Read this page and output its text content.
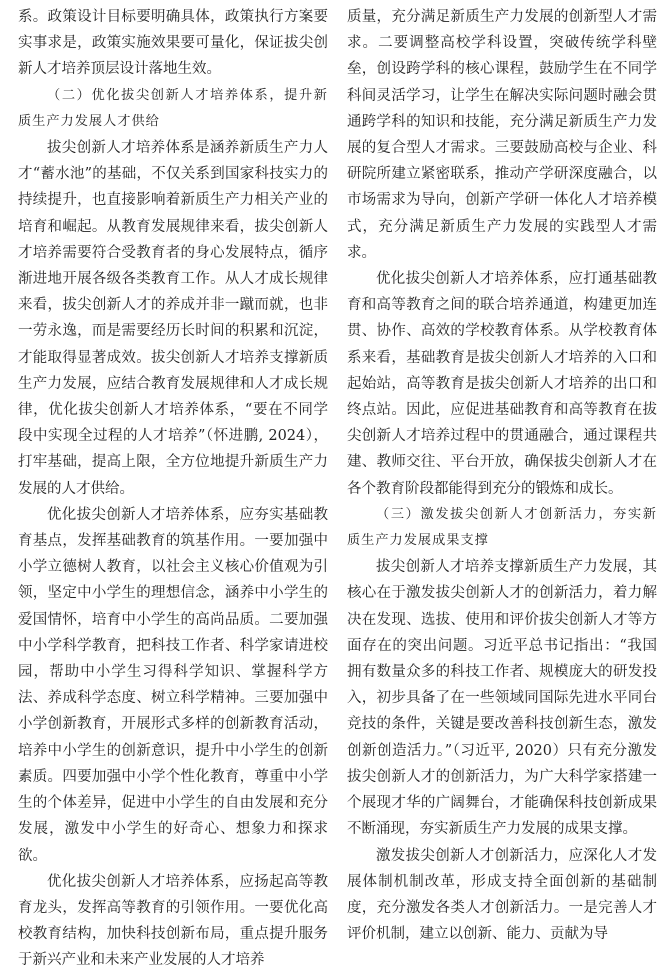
系。政策设计目标要明确具体，政策执行方案要实事求是，政策实施效果要可量化，保证拔尖创新人才培养顶层设计落地生效。

（二）优化拔尖创新人才培养体系，提升新质生产力发展人才供给

拔尖创新人才培养体系是涵养新质生产力人才“蓄水池”的基础，不仅关系到国家科技实力的持续提升，也直接影响着新质生产力相关产业的培育和崛起。从教育发展规律来看，拔尖创新人才培养需要符合受教育者的身心发展特点，循序渐进地开展各级各类教育工作。从人才成长规律来看，拔尖创新人才的养成并非一蹴而就，也非一劳永逸，而是需要经历长时间的积累和沉淀，才能取得显著成效。拔尖创新人才培养支撑新质生产力发展，应结合教育发展规律和人才成长规律，优化拔尖创新人才培养体系，“要在不同学段中实现全过程的人才培养”（怀进鹏, 2024），打牢基础，提高上限，全方位地提升新质生产力发展的人才供给。

优化拔尖创新人才培养体系，应夯实基础教育基点，发挥基础教育的筑基作用。一要加强中小学立德树人教育，以社会主义核心价值观为引领，坚定中小学生的理想信念，涵养中小学生的爱国情怀，培育中小学生的高尚品质。二要加强中小学科学教育，把科技工作者、科学家请进校园，帮助中小学生习得科学知识、掌握科学方法、养成科学态度、树立科学精神。三要加强中小学创新教育，开展形式多样的创新教育活动，培养中小学生的创新意识，提升中小学生的创新素质。四要加强中小学个性化教育，尊重中小学生的个体差异，促进中小学生的自由发展和充分发展，激发中小学生的好奇心、想象力和探求欲。

优化拔尖创新人才培养体系，应扬起高等教育龙头，发挥高等教育的引领作用。一要优化高校教育结构，加快科技创新布局，重点提升服务于新兴产业和未来产业发展的人才培养

质量，充分满足新质生产力发展的创新型人才需求。二要调整高校学科设置，突破传统学科壁垒，创设跨学科的核心课程，鼓励学生在不同学科间灵活学习，让学生在解决实际问题时融会贯通跨学科的知识和技能，充分满足新质生产力发展的复合型人才需求。三要鼓励高校与企业、科研院所建立紧密联系，推动产学研深度融合，以市场需求为导向，创新产学研一体化人才培养模式，充分满足新质生产力发展的实践型人才需求。

优化拔尖创新人才培养体系，应打通基础教育和高等教育之间的联合培养通道，构建更加连贯、协作、高效的学校教育体系。从学校教育体系来看，基础教育是拔尖创新人才培养的入口和起始站，高等教育是拔尖创新人才培养的出口和终点站。因此，应促进基础教育和高等教育在拔尖创新人才培养过程中的贯通融合，通过课程共建、教师交往、平台开放，确保拔尖创新人才在各个教育阶段都能得到充分的锻炼和成长。

（三）激发拔尖创新人才创新活力，夯实新质生产力发展成果支撑

拔尖创新人才培养支撑新质生产力发展，其核心在于激发拔尖创新人才的创新活力，着力解决在发现、选拔、使用和评价拔尖创新人才等方面存在的突出问题。习近平总书记指出：“我国拥有数量众多的科技工作者、规模庞大的研发投入，初步具备了在一些领域同国际先进水平同台竞技的条件，关键是要改善科技创新生态，激发创新创造活力。”（习近平, 2020）只有充分激发拔尖创新人才的创新活力，为广大科学家搭建一个展现才华的广阔舞台，才能确保科技创新成果不断涌现，夯实新质生产力发展的成果支撑。

激发拔尖创新人才创新活力，应深化人才发展体制机制改革，形成支持全面创新的基础制度，充分激发各类人才创新活力。一是完善人才评价机制，建立以创新、能力、贡献为导
